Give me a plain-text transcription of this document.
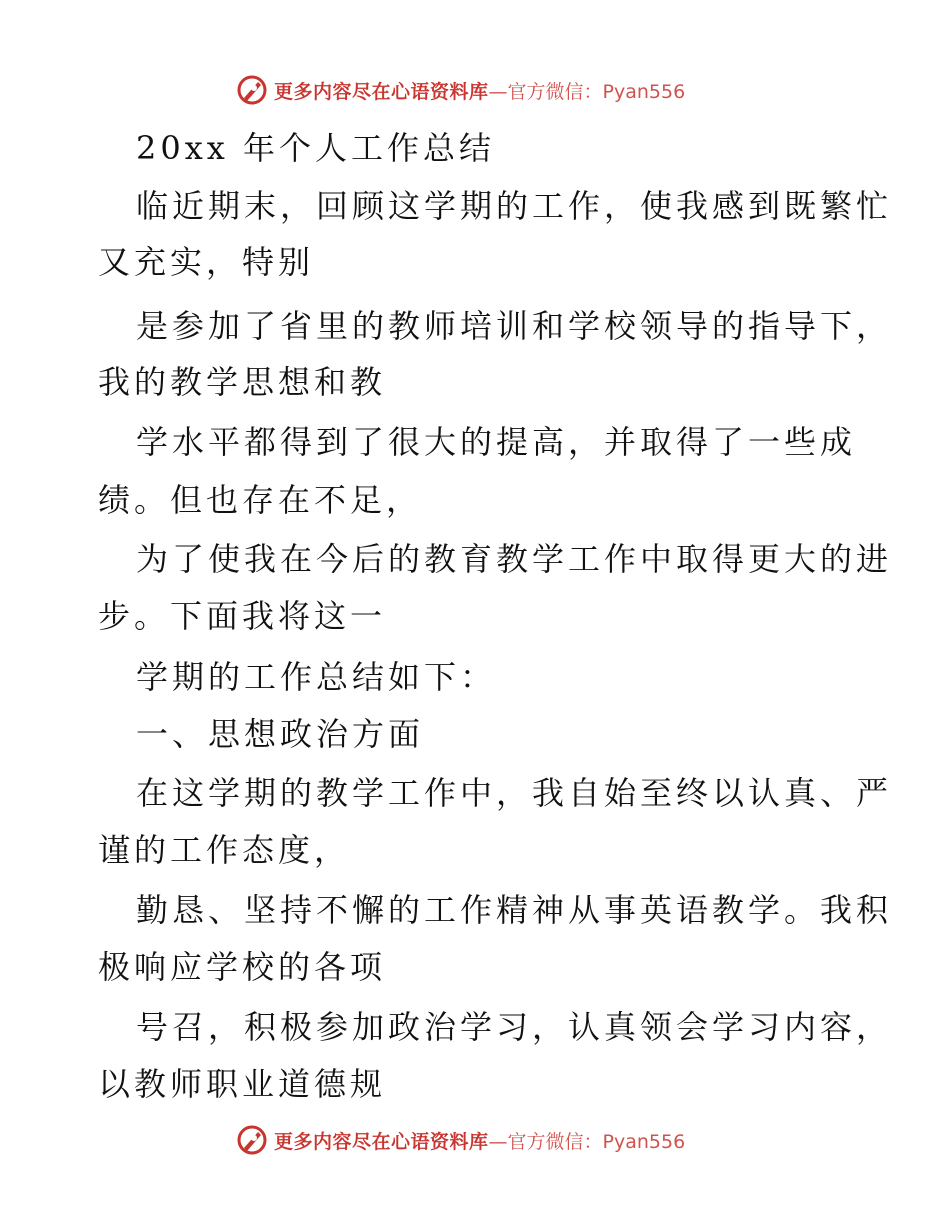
更多内容尽在心语资料库 —官方微信：Pyan556
20xx 年个人工作总结
临近期末，回顾这学期的工作，使我感到既繁忙
又充实，特别
是参加了省里的教师培训和学校领导的指导下，
我的教学思想和教
学水平都得到了很大的提高，并取得了一些成
绩。但也存在不足，
为了使我在今后的教育教学工作中取得更大的进
步。下面我将这一
学期的工作总结如下：
一、思想政治方面
在这学期的教学工作中，我自始至终以认真、严
谨的工作态度，
勤恳、坚持不懈的工作精神从事英语教学。我积
极响应学校的各项
号召，积极参加政治学习，认真领会学习内容，
以教师职业道德规
更多内容尽在心语资料库 —官方微信：Pyan556
